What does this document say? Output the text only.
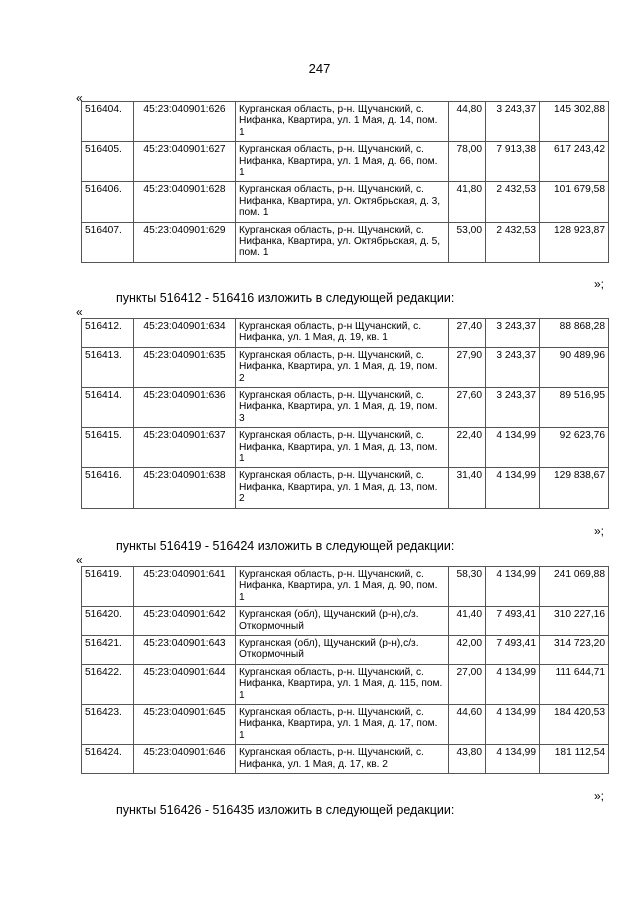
247
«
516404.	45:23:040901:626	Курганская область, р-н. Щучанский, с. Нифанка, Квартира, ул. 1 Мая, д. 14, пом. 1	44,80	3 243,37	145 302,88
516405.	45:23:040901:627	Курганская область, р-н. Щучанский, с. Нифанка, Квартира, ул. 1 Мая, д. 66, пом. 1	78,00	7 913,38	617 243,42
516406.	45:23:040901:628	Курганская область, р-н. Щучанский, с. Нифанка, Квартира, ул. Октябрьская, д. 3, пом. 1	41,80	2 432,53	101 679,58
516407.	45:23:040901:629	Курганская область, р-н. Щучанский, с. Нифанка, Квартира, ул. Октябрьская, д. 5, пом. 1	53,00	2 432,53	128 923,87
»;
пункты 516412 - 516416 изложить в следующей редакции:
«
516412.	45:23:040901:634	Курганская область, р-н Щучанский, с. Нифанка, ул. 1 Мая, д. 19, кв. 1	27,40	3 243,37	88 868,28
516413.	45:23:040901:635	Курганская область, р-н. Щучанский, с. Нифанка, Квартира, ул. 1 Мая, д. 19, пом. 2	27,90	3 243,37	90 489,96
516414.	45:23:040901:636	Курганская область, р-н. Щучанский, с. Нифанка, Квартира, ул. 1 Мая, д. 19, пом. 3	27,60	3 243,37	89 516,95
516415.	45:23:040901:637	Курганская область, р-н. Щучанский, с. Нифанка, Квартира, ул. 1 Мая, д. 13, пом. 1	22,40	4 134,99	92 623,76
516416.	45:23:040901:638	Курганская область, р-н. Щучанский, с. Нифанка, Квартира, ул. 1 Мая, д. 13, пом. 2	31,40	4 134,99	129 838,67
»;
пункты 516419 - 516424 изложить в следующей редакции:
«
516419.	45:23:040901:641	Курганская область, р-н. Щучанский, с. Нифанка, Квартира, ул. 1 Мая, д. 90, пом. 1	58,30	4 134,99	241 069,88
516420.	45:23:040901:642	Курганская (обл), Щучанский (р-н),с/з. Откормочный	41,40	7 493,41	310 227,16
516421.	45:23:040901:643	Курганская (обл), Щучанский (р-н),с/з. Откормочный	42,00	7 493,41	314 723,20
516422.	45:23:040901:644	Курганская область, р-н. Щучанский, с. Нифанка, Квартира, ул. 1 Мая, д. 115, пом. 1	27,00	4 134,99	111 644,71
516423.	45:23:040901:645	Курганская область, р-н. Щучанский, с. Нифанка, Квартира, ул. 1 Мая, д. 17, пом. 1	44,60	4 134,99	184 420,53
516424.	45:23:040901:646	Курганская область, р-н. Щучанский, с. Нифанка, ул. 1 Мая, д. 17, кв. 2	43,80	4 134,99	181 112,54
»;
пункты 516426 - 516435 изложить в следующей редакции:
